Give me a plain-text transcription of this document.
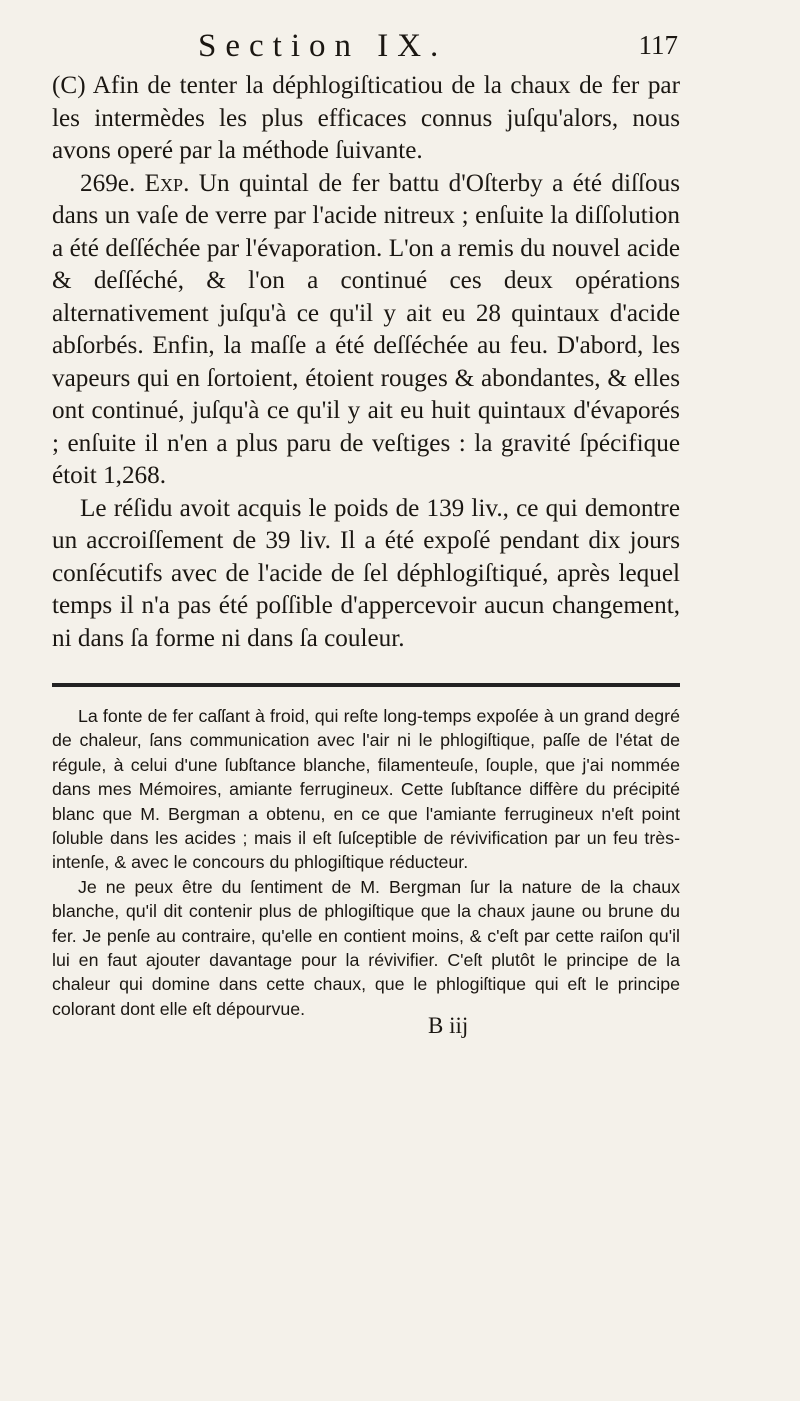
Section IX.	117

(C) Afin de tenter la déphlogiſticatiou de la chaux de fer par les intermèdes les plus efficaces connus juſqu'alors, nous avons operé par la méthode ſuivante.

269e. Exp. Un quintal de fer battu d'Oſterby a été diſſous dans un vaſe de verre par l'acide nitreux ; enſuite la diſſolution a été deſſéchée par l'évaporation. L'on a remis du nouvel acide & deſſéché, & l'on a continué ces deux opérations alternativement juſqu'à ce qu'il y ait eu 28 quintaux d'acide abſorbés. Enfin, la maſſe a été deſſéchée au feu. D'abord, les vapeurs qui en ſortoient, étoient rouges & abondantes, & elles ont continué, juſqu'à ce qu'il y ait eu huit quintaux d'évaporés ; enſuite il n'en a plus paru de veſtiges : la gravité ſpécifique étoit 1,268.

Le réſidu avoit acquis le poids de 139 liv., ce qui demontre un accroiſſement de 39 liv. Il a été expoſé pendant dix jours conſécutifs avec de l'acide de ſel déphlogiſtiqué, après lequel temps il n'a pas été poſſible d'appercevoir aucun changement, ni dans ſa forme ni dans ſa couleur.

La fonte de fer caſſant à froid, qui reſte long-temps expoſée à un grand degré de chaleur, ſans communication avec l'air ni le phlogiſtique, paſſe de l'état de régule, à celui d'une ſubſtance blanche, filamenteuſe, ſouple, que j'ai nommée dans mes Mémoires, amiante ferrugineux. Cette ſubſtance diffère du précipité blanc que M. Bergman a obtenu, en ce que l'amiante ferrugineux n'eſt point ſoluble dans les acides ; mais il eſt ſuſceptible de révivification par un feu très-intenſe, & avec le concours du phlogiſtique réducteur.

Je ne peux être du ſentiment de M. Bergman ſur la nature de la chaux blanche, qu'il dit contenir plus de phlogiſtique que la chaux jaune ou brune du fer. Je penſe au contraire, qu'elle en contient moins, & c'eſt par cette raiſon qu'il lui en faut ajouter davantage pour la révivifier. C'eſt plutôt le principe de la chaleur qui domine dans cette chaux, que le phlogiſtique qui eſt le principe colorant dont elle eſt dépourvue.

B iij
